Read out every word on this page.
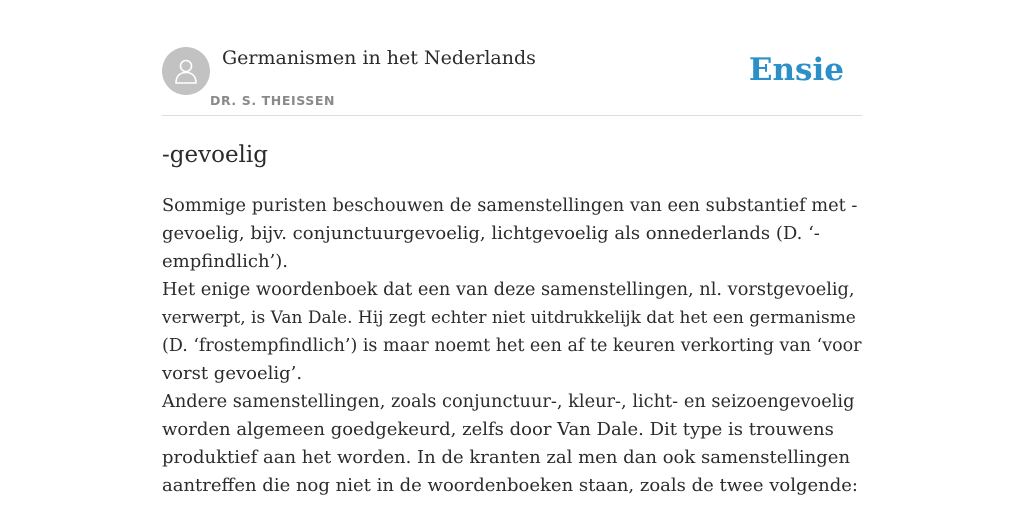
Germanismen in het Nederlands
DR. S. THEISSEN
Ensie
-gevoelig
Sommige puristen beschouwen de samenstellingen van een substantief met -
gevoelig, bijv. conjunctuurgevoelig, lichtgevoelig als onnederlands (D. ‘-
empfindlich’).
Het enige woordenboek dat een van deze samenstellingen, nl. vorstgevoelig,
verwerpt, is Van Dale. Hij zegt echter niet uitdrukkelijk dat het een germanisme
(D. ‘frostempfindlich’) is maar noemt het een af te keuren verkorting van ‘voor
vorst gevoelig’.
Andere samenstellingen, zoals conjunctuur-, kleur-, licht- en seizoengevoelig
worden algemeen goedgekeurd, zelfs door Van Dale. Dit type is trouwens
produktief aan het worden. In de kranten zal men dan ook samenstellingen
aantreffen die nog niet in de woordenboeken staan, zoals de twee volgende:
